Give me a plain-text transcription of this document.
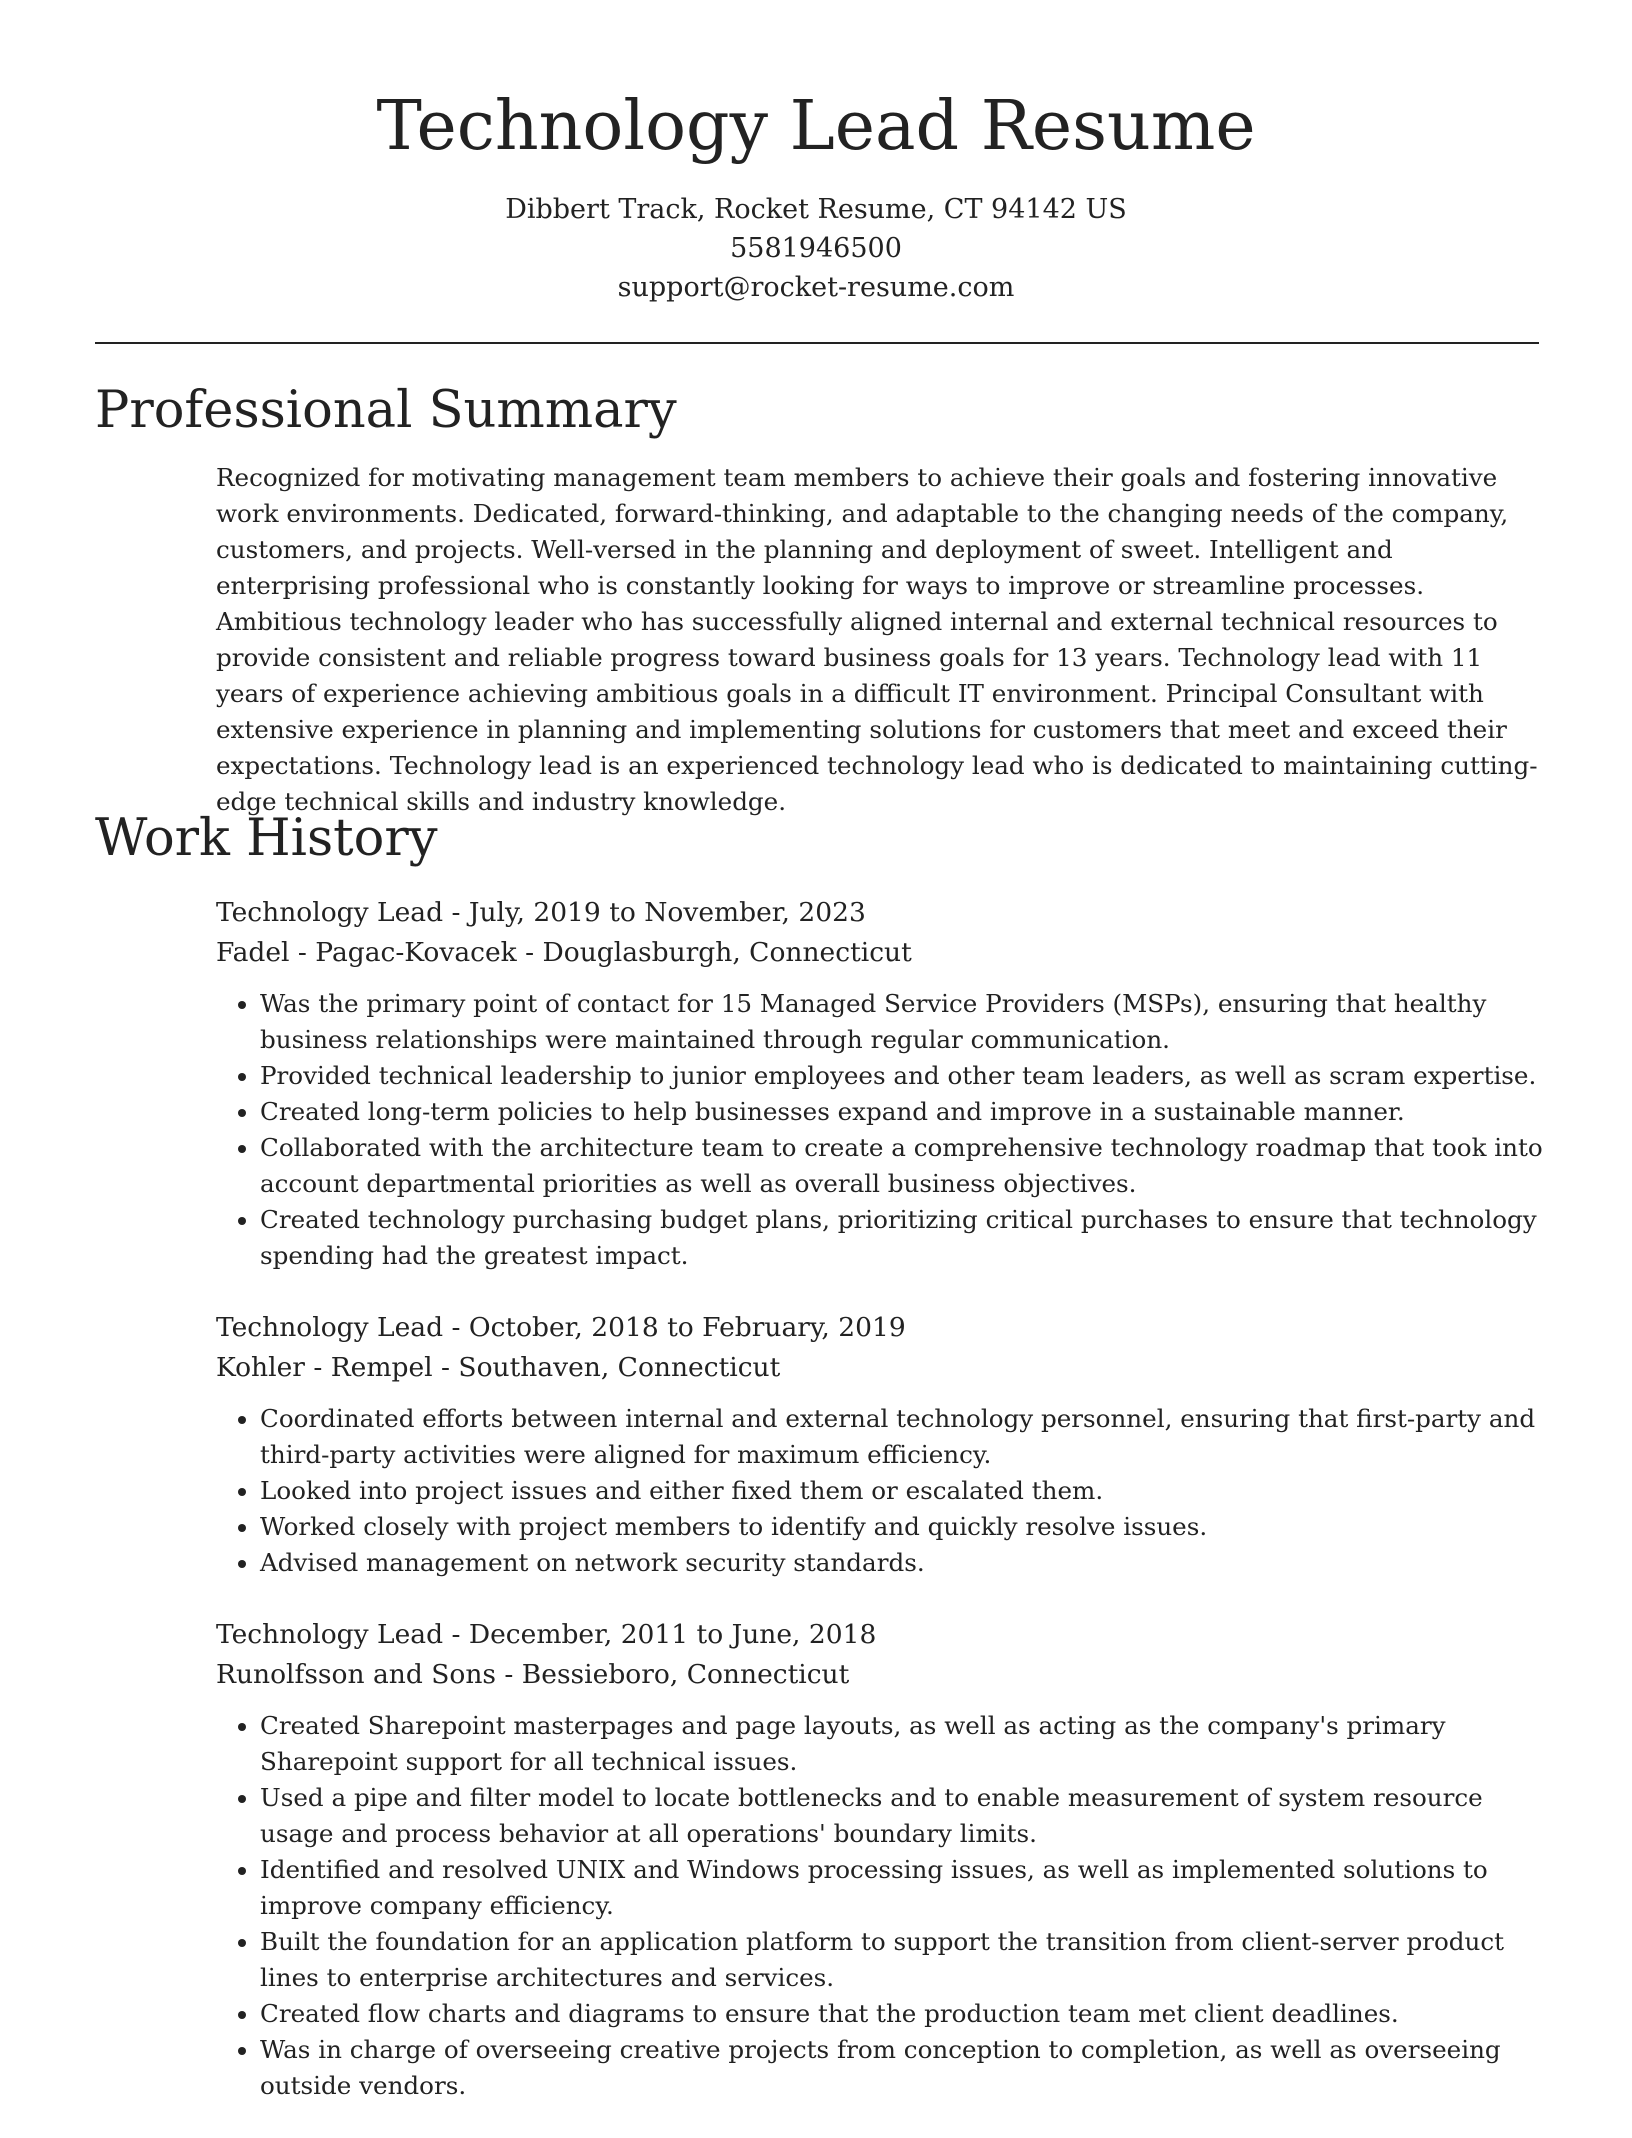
Technology Lead Resume
Dibbert Track, Rocket Resume, CT 94142 US
5581946500
support@rocket-resume.com
Professional Summary

Recognized for motivating management team members to achieve their goals and fostering innovative work environments. Dedicated, forward-thinking, and adaptable to the changing needs of the company, customers, and projects. Well-versed in the planning and deployment of sweet. Intelligent and enterprising professional who is constantly looking for ways to improve or streamline processes. Ambitious technology leader who has successfully aligned internal and external technical resources to provide consistent and reliable progress toward business goals for 13 years. Technology lead with 11 years of experience achieving ambitious goals in a difficult IT environment. Principal Consultant with extensive experience in planning and implementing solutions for customers that meet and exceed their expectations. Technology lead is an experienced technology lead who is dedicated to maintaining cutting-edge technical skills and industry knowledge.

Work History
Technology Lead - July, 2019 to November, 2023
Fadel - Pagac-Kovacek - Douglasburgh, Connecticut
• Was the primary point of contact for 15 Managed Service Providers (MSPs), ensuring that healthy business relationships were maintained through regular communication.
• Provided technical leadership to junior employees and other team leaders, as well as scram expertise.
• Created long-term policies to help businesses expand and improve in a sustainable manner.
• Collaborated with the architecture team to create a comprehensive technology roadmap that took into account departmental priorities as well as overall business objectives.
• Created technology purchasing budget plans, prioritizing critical purchases to ensure that technology spending had the greatest impact.
Technology Lead - October, 2018 to February, 2019
Kohler - Rempel - Southaven, Connecticut
• Coordinated efforts between internal and external technology personnel, ensuring that first-party and third-party activities were aligned for maximum efficiency.
• Looked into project issues and either fixed them or escalated them.
• Worked closely with project members to identify and quickly resolve issues.
• Advised management on network security standards.
Technology Lead - December, 2011 to June, 2018
Runolfsson and Sons - Bessieboro, Connecticut
• Created Sharepoint masterpages and page layouts, as well as acting as the company's primary Sharepoint support for all technical issues.
• Used a pipe and filter model to locate bottlenecks and to enable measurement of system resource usage and process behavior at all operations' boundary limits.
• Identified and resolved UNIX and Windows processing issues, as well as implemented solutions to improve company efficiency.
• Built the foundation for an application platform to support the transition from client-server product lines to enterprise architectures and services.
• Created flow charts and diagrams to ensure that the production team met client deadlines.
• Was in charge of overseeing creative projects from conception to completion, as well as overseeing outside vendors.
